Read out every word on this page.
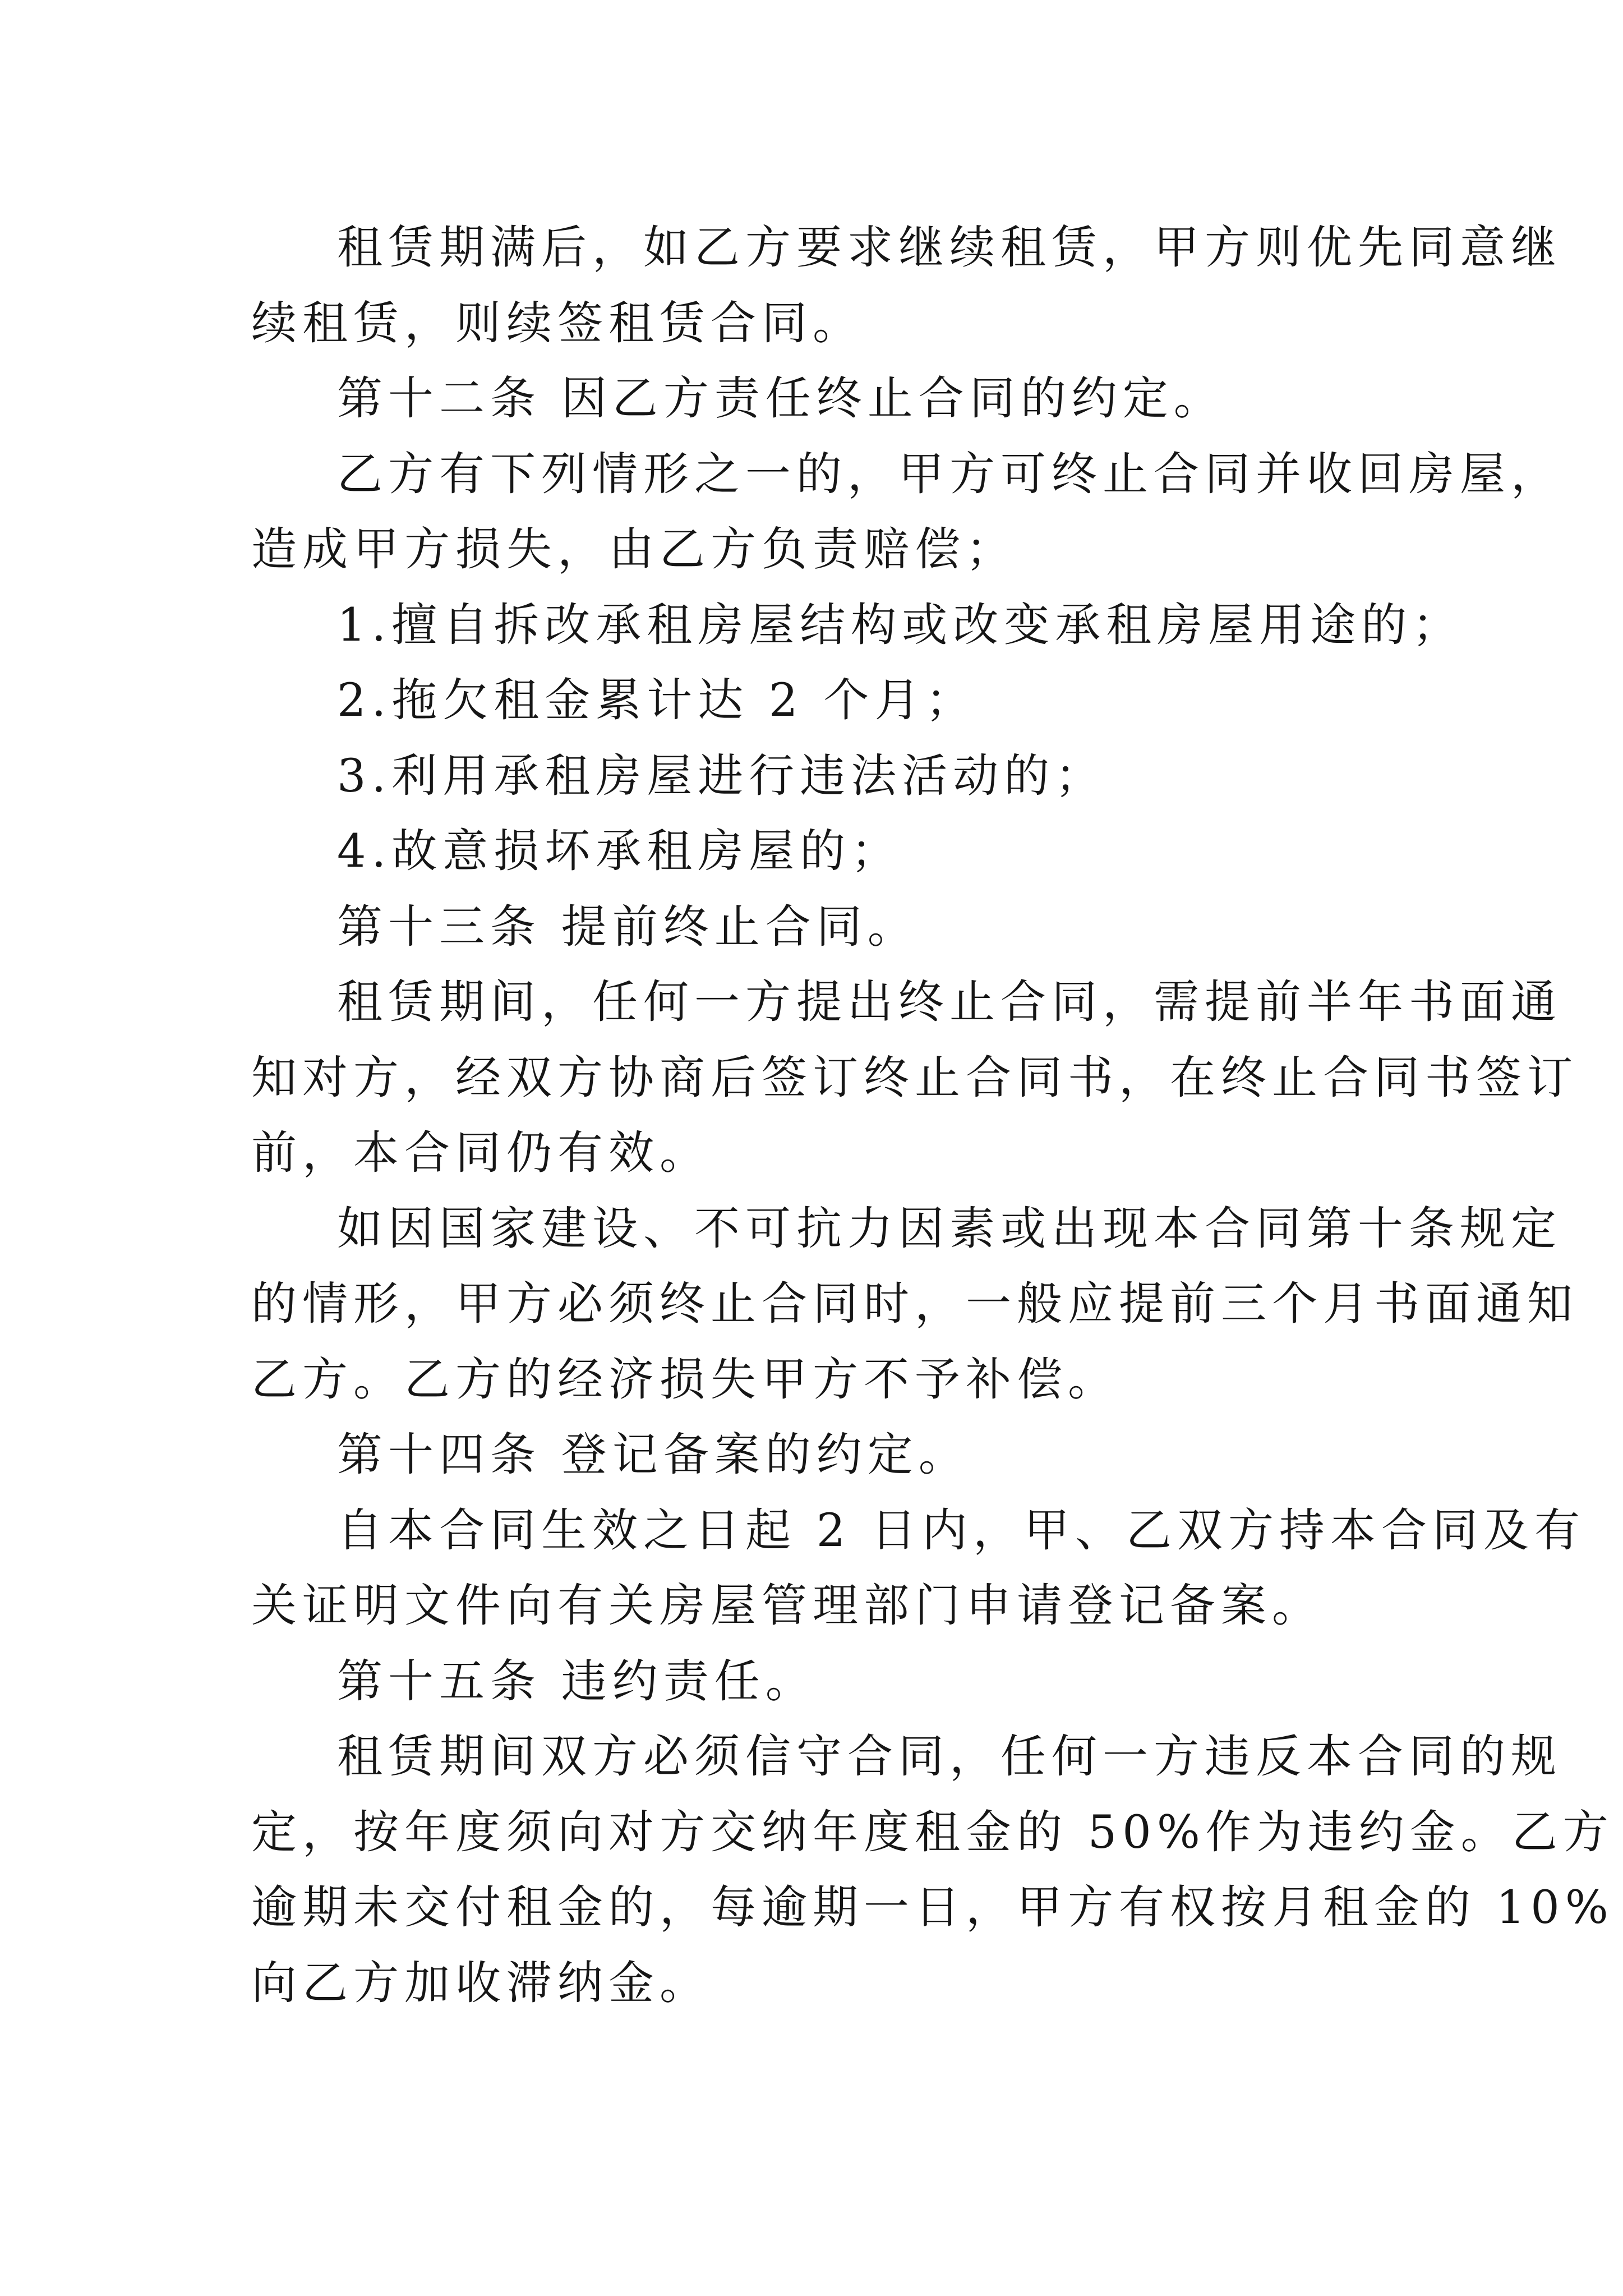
租赁期满后，如乙方要求继续租赁，甲方则优先同意继
续租赁，则续签租赁合同。
第十二条 因乙方责任终止合同的约定。
乙方有下列情形之一的，甲方可终止合同并收回房屋，
造成甲方损失，由乙方负责赔偿；
1.擅自拆改承租房屋结构或改变承租房屋用途的；
2.拖欠租金累计达 2 个月；
3.利用承租房屋进行违法活动的；
4.故意损坏承租房屋的；
第十三条 提前终止合同。
租赁期间，任何一方提出终止合同，需提前半年书面通
知对方，经双方协商后签订终止合同书，在终止合同书签订
前，本合同仍有效。
如因国家建设、不可抗力因素或出现本合同第十条规定
的情形，甲方必须终止合同时，一般应提前三个月书面通知
乙方。乙方的经济损失甲方不予补偿。
第十四条 登记备案的约定。
自本合同生效之日起 2 日内，甲、乙双方持本合同及有
关证明文件向有关房屋管理部门申请登记备案。
第十五条 违约责任。
租赁期间双方必须信守合同，任何一方违反本合同的规
定，按年度须向对方交纳年度租金的 50%作为违约金。乙方
逾期未交付租金的，每逾期一日，甲方有权按月租金的 10%
向乙方加收滞纳金。
